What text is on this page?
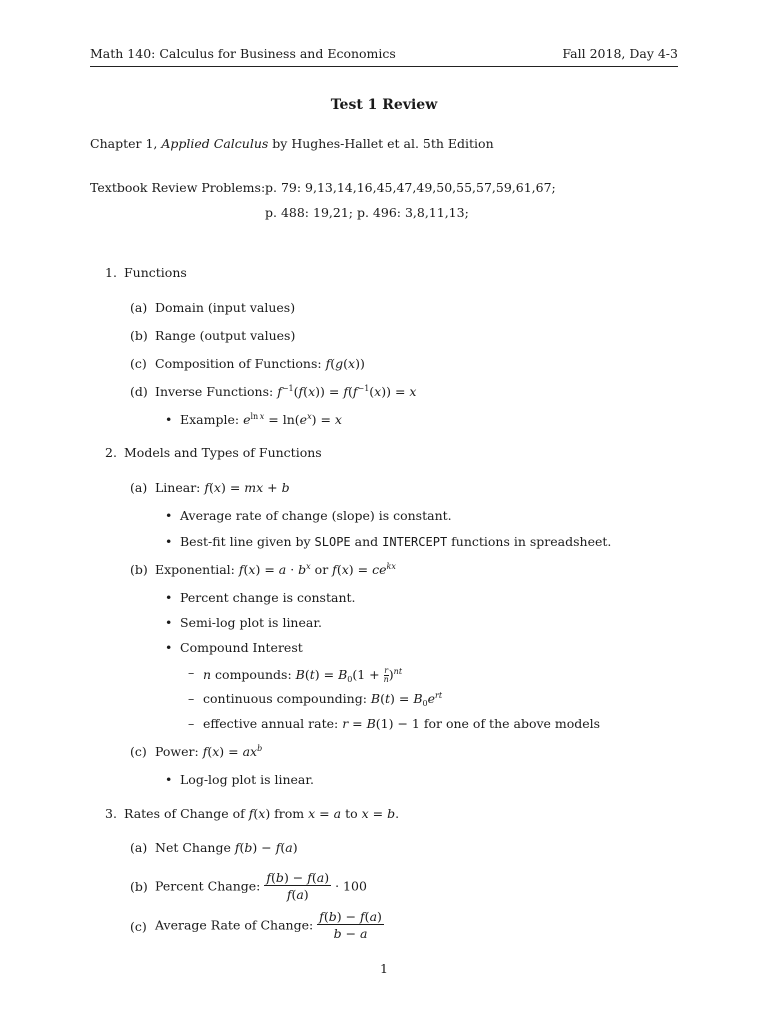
Math 140: Calculus for Business and Economics	Fall 2018, Day 4-3
Test 1 Review
Chapter 1, Applied Calculus by Hughes-Hallet et al. 5th Edition
Textbook Review Problems: p. 79: 9,13,14,16,45,47,49,50,55,57,59,61,67;
p. 488: 19,21; p. 496: 3,8,11,13;
1. Functions
(a) Domain (input values)
(b) Range (output values)
(c) Composition of Functions: f(g(x))
(d) Inverse Functions: $f^{-1}(f(x)) = f(f^{-1}(x)) = x$
• Example: $e^{ln x} = \ln(e^x) = x$
2. Models and Types of Functions
(a) Linear: f(x) = mx + b
• Average rate of change (slope) is constant.
• Best-fit line given by SLOPE and INTERCEPT functions in spreadsheet.
(b) Exponential: $f(x) = a \cdot b^x$ or $f(x) = ce^{kx}$
• Percent change is constant.
• Semi-log plot is linear.
• Compound Interest
– n compounds: $B(t) = B_0(1 + \frac{r}{n} )^{nt}$
– continuous compounding: $B(t) = B_0e^{rt}$
– effective annual rate: r = B(1) − 1 for one of the above models
(c) Power: $f(x) = ax^b$
• Log-log plot is linear.
3. Rates of Change of f(x) from x = a to x = b.
(a) Net Change f(b) − f(a)
(b) Percent Change: $\frac{f(b) - f(a)}{f(a)} \cdot 100$
(c) Average Rate of Change: $\frac{f(b) - f(a)}{b - a}$
1
